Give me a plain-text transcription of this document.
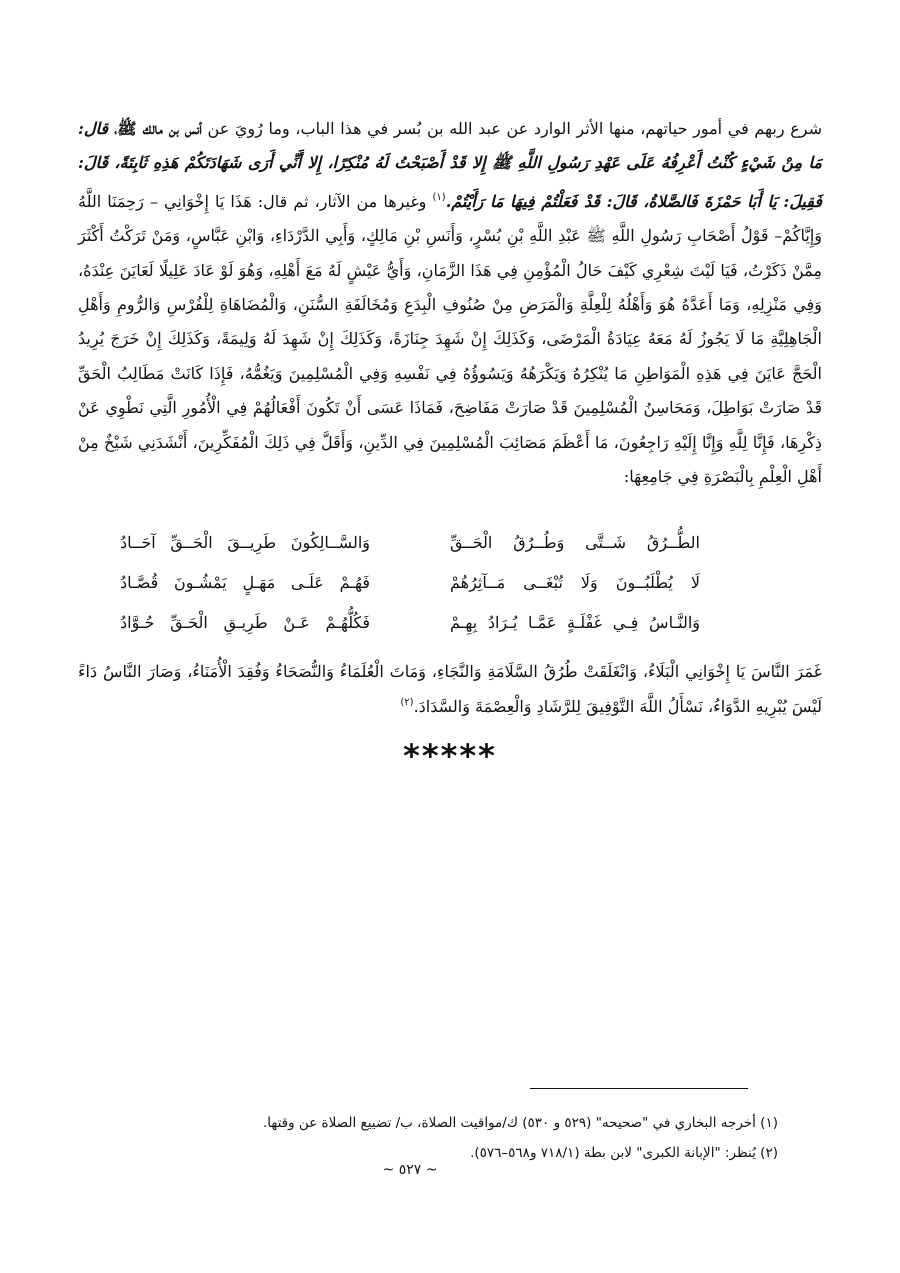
شرع ربهم في أمور حياتهم، منها الأثر الوارد عن عبد الله بن بُسر في هذا الباب، وما رُويَ عن أنس بن مالك ﷺ، قال: مَا مِنْ شَيْءٍ كُنْتُ أَعْرِفُهُ عَلَى عَهْدِ رَسُولِ اللَّهِ ﷺ إِلا قَدْ أَصْبَحْتُ لَهُ مُنْكِرًا، إِلا أَنِّي أَرَى شَهَادَتَكُمْ هَذِهِ ثَابِتَةً، قَالَ: فَقِيلَ: يَا أَبَا حَمْزَةَ فَالصَّلاةُ، قَالَ: قَدْ فَعَلْتُمْ فِيهَا مَا رَأَيْتُمْ.$^{(١)}$ وغيرها من الآثار، ثم قال: هَذَا يَا إِخْوَانِي – رَحِمَنَا اللَّهُ وَإِيَّاكُمْ– قَوْلُ أَصْحَابِ رَسُولِ اللَّهِ ﷺ عَبْدِ اللَّهِ بْنِ بُسْرٍ، وَأَنَسِ بْنِ مَالِكٍ، وَأَبِي الدَّرْدَاءِ، وَابْنِ عَبَّاسٍ، وَمَنْ تَرَكْتُ أَكْثَرَ مِمَّنْ ذَكَرْتُ، فَيَا لَيْتَ شِعْرِي كَيْفَ حَالُ الْمُؤْمِنِ فِي هَذَا الزَّمَانِ، وَأَيُّ عَيْشٍ لَهُ مَعَ أَهْلِهِ، وَهُوَ لَوْ عَادَ عَلِيلًا لَعَايَنَ عِنْدَهُ، وَفِي مَنْزِلِهِ، وَمَا أَعَدَّهُ هُوَ وَأَهْلُهُ لِلْعِلَّةِ وَالْمَرَضِ مِنْ صُنُوفِ الْبِدَعِ وَمُخَالَفَةِ السُّنَنِ، وَالْمُضَاهَاةِ لِلْفُرْسِ وَالرُّومِ وَأَهْلِ الْجَاهِلِيَّةِ مَا لَا يَجُوزُ لَهُ مَعَهُ عِيَادَةُ الْمَرْضَى، وَكَذَلِكَ إِنْ شَهِدَ جِنَازَةً، وَكَذَلِكَ إِنْ شَهِدَ لَهُ وَلِيمَةً، وَكَذَلِكَ إِنْ خَرَجَ يُرِيدُ الْحَجَّ عَايَنَ فِي هَذِهِ الْمَوَاطِنِ مَا يُنْكِرُهُ وَيَكْرَهُهُ وَيَسُوؤُهُ فِي نَفْسِهِ وَفِي الْمُسْلِمِينَ وَيَغُمُّهُ، فَإِذَا كَانَتْ مَطَالِبُ الْحَقِّ قَدْ صَارَتْ بَوَاطِلَ، وَمَحَاسِنُ الْمُسْلِمِينَ قَدْ صَارَتْ مَفَاضِحَ، فَمَاذَا عَسَى أَنْ تَكُونَ أَفْعَالُهُمْ فِي الْأُمُورِ الَّتِي نَطْوِي عَنْ ذِكْرِهَا، فَإِنَّا لِلَّهِ وَإِنَّا إِلَيْهِ رَاجِعُونَ، مَا أَعْظَمَ مَصَائِبَ الْمُسْلِمِينَ فِي الدِّينِ، وَأَقَلَّ فِي ذَلِكَ الْمُفَكِّرِينَ، أَنْشَدَنِي شَيْخٌ مِنْ أَهْلِ الْعِلْمِ بِالْبَصْرَةِ فِي جَامِعِهَا:

الطُّــرُقُ شَــتَّى وَطُــرُقُ الْحَــقِّ
وَالسَّــالِكُونَ طَرِيــقَ الْحَــقِّ آحَــادُ
لَا يُطْلَبُــونَ وَلَا تُبْغَــى مَــآثِرُهُمْ
فَهُـمْ عَلَـى مَهَـلٍ يَمْشُـونَ قُصَّـادُ
وَالنَّـاسُ فِـي غَفْلَـةٍ عَمَّـا يُـرَادُ بِهِـمْ
فَكُلُّهُـمْ عَـنْ طَرِيـقِ الْحَـقِّ حُـوَّادُ

غَمَرَ النَّاسَ يَا إِخْوَانِي الْبَلَاءُ، وَانْغَلَقَتْ طُرُقُ السَّلَامَةِ وَالنَّجَاءِ، وَمَاتَ الْعُلَمَاءُ وَالنُّصَحَاءُ وَفُقِدَ الْأُمَنَاءُ، وَصَارَ النَّاسُ دَاءً لَيْسَ يُبْرِيهِ الدَّوَاءُ، نَسْأَلُ اللَّهَ التَّوْفِيقَ لِلرَّشَادِ وَالْعِصْمَةَ وَالسَّدَادَ.$^{(٢)}$

*****
(١) أخرجه البخاري في "صحيحه" (٥٢٩ و ٥٣٠) ك/مواقيت الصلاة، ب/ تضييع الصلاة عن وقتها.
(٢) يُنظر: "الإبانة الكبرى" لابن بطة (٧١٨/١ و٥٦٨–٥٧٦).
~ ٥٢٧ ~
